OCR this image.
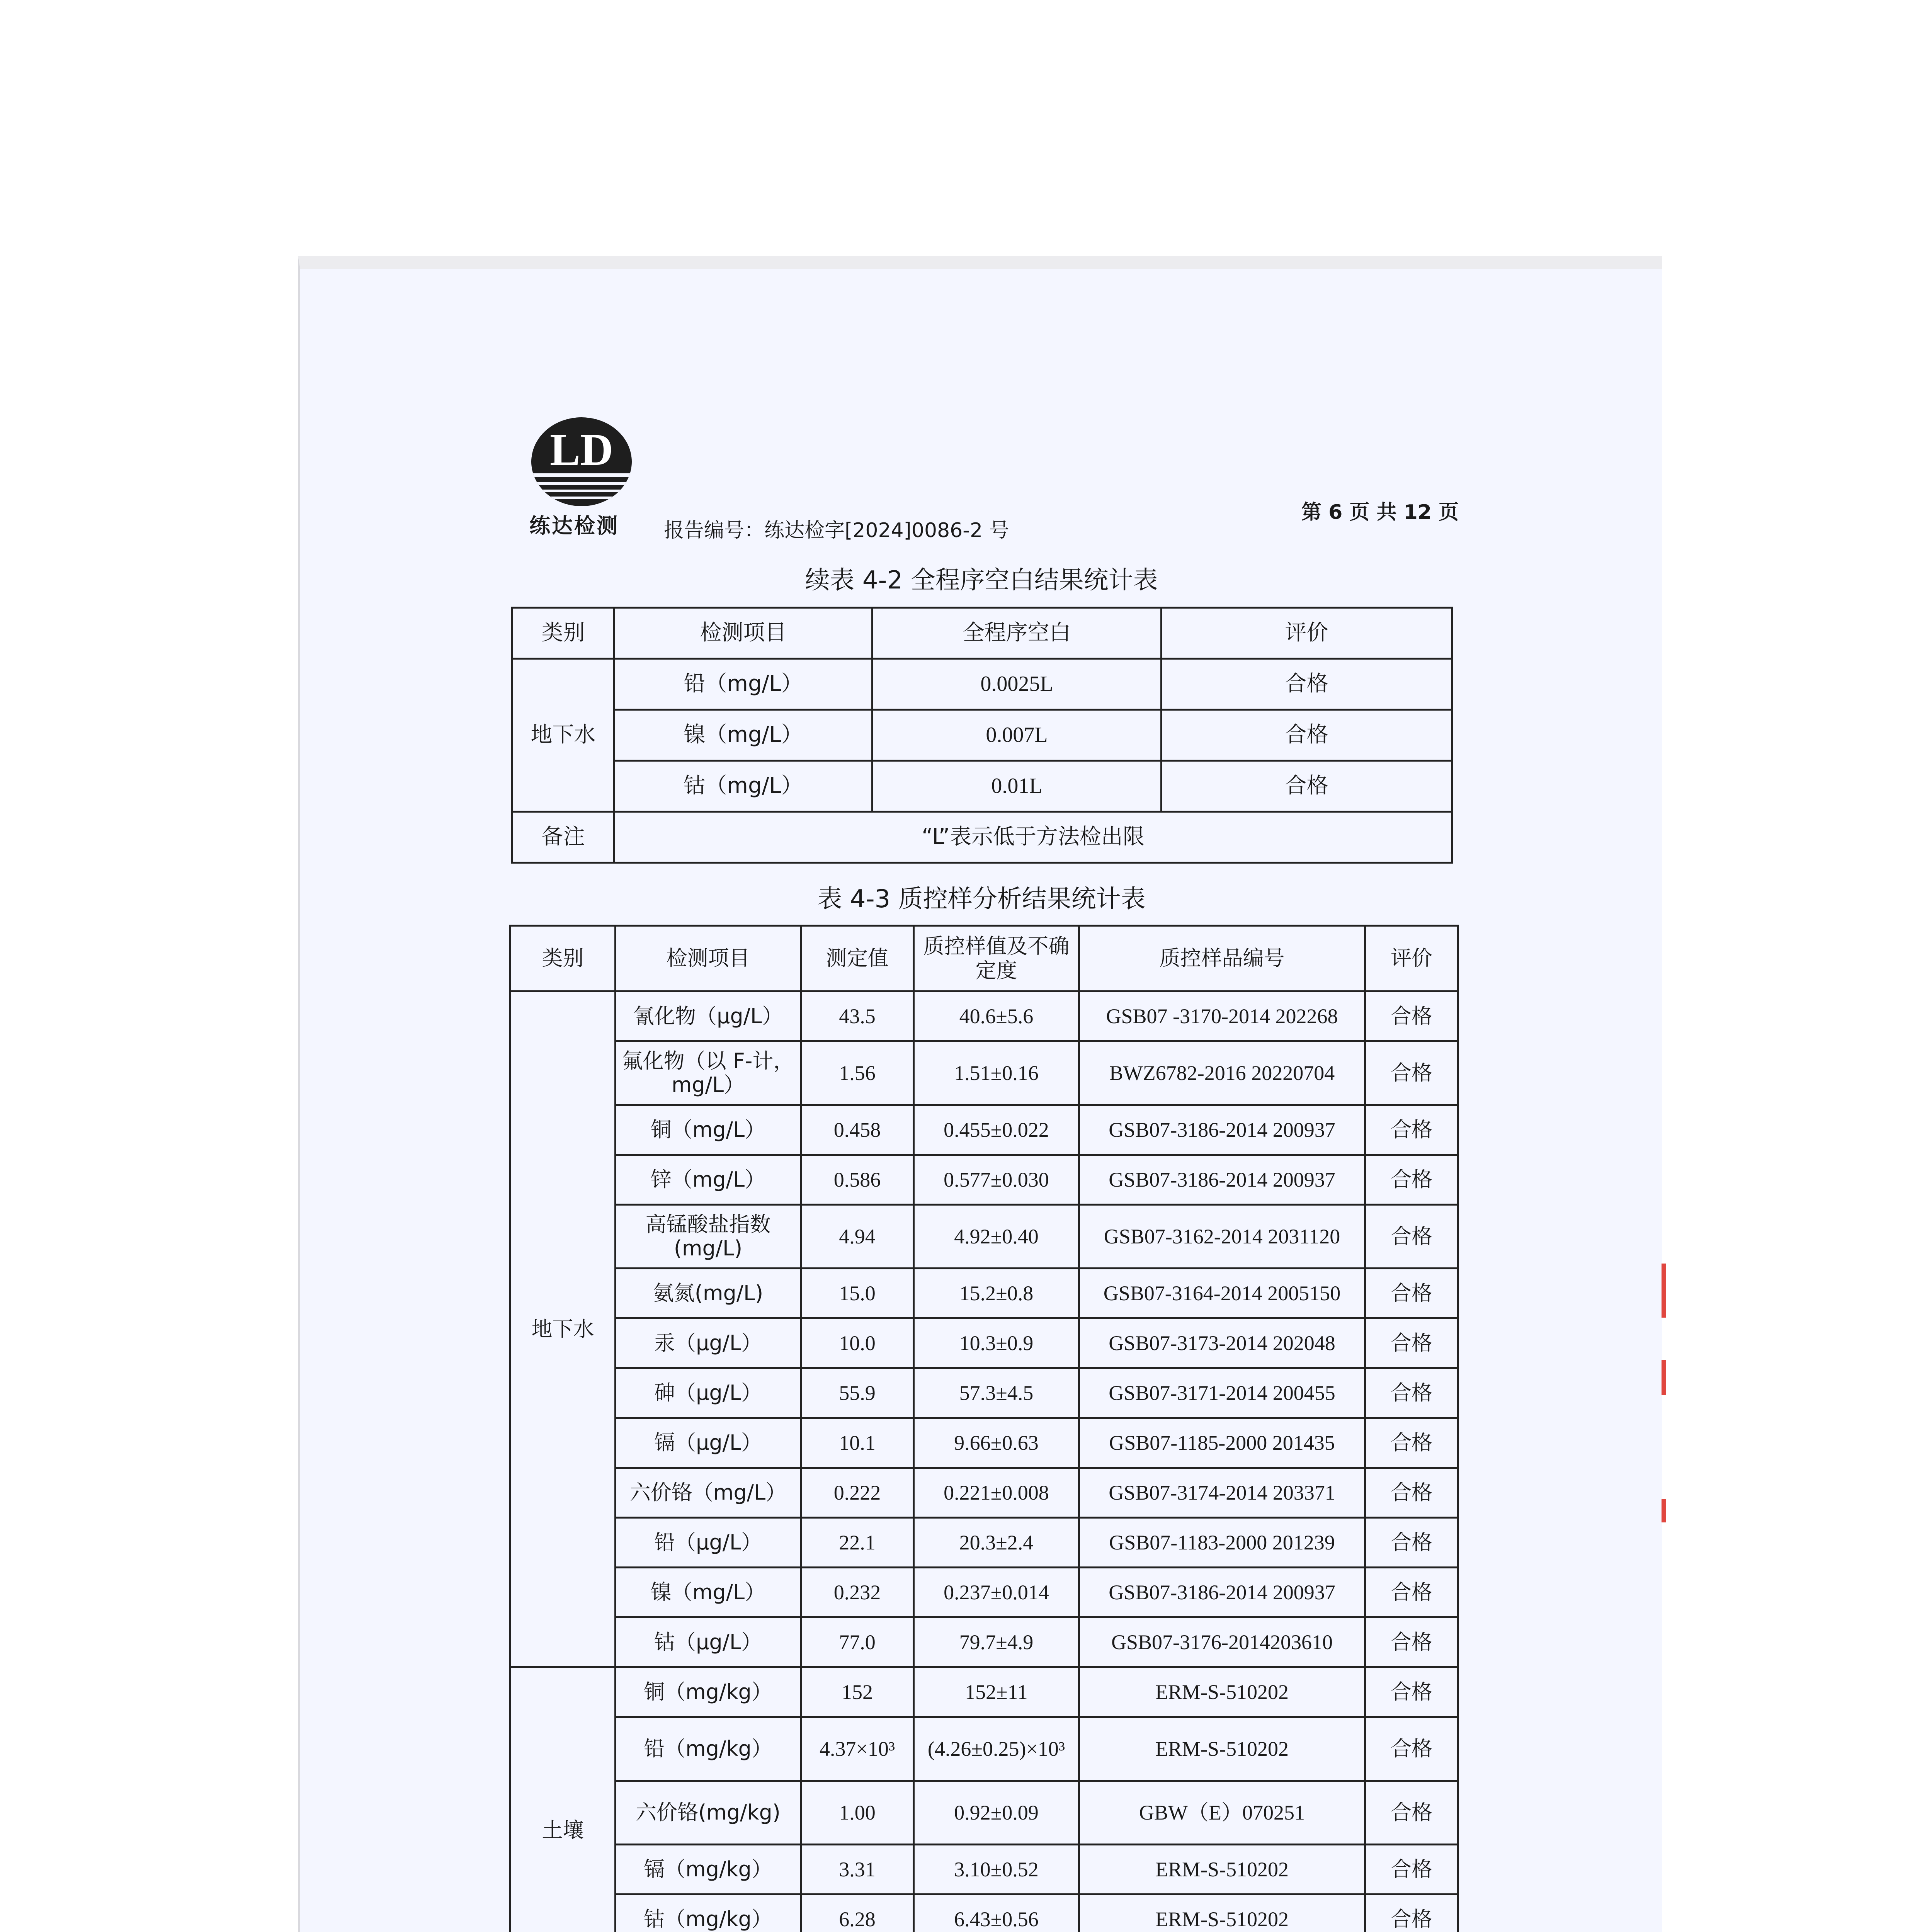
LD
练达检测	报告编号：练达检字[2024]0086-2 号
第 6 页 共 12 页
续表 4-2 全程序空白结果统计表
类别	检测项目	全程序空白	评价
地下水	铅（mg/L）	0.0025L	合格
	镍（mg/L）	0.007L	合格
	钴（mg/L）	0.01L	合格
备注	“L”表示低于方法检出限		
表 4-3 质控样分析结果统计表
类别	检测项目	测定值	质控样值及不确定度	质控样品编号	评价
地下水	氰化物（μg/L）	43.5	40.6±5.6	GSB07 -3170-2014 202268	合格
	氟化物（以 F-计，mg/L）	1.56	1.51±0.16	BWZ6782-2016 20220704	合格
	铜（mg/L）	0.458	0.455±0.022	GSB07-3186-2014 200937	合格
	锌（mg/L）	0.586	0.577±0.030	GSB07-3186-2014 200937	合格
	高锰酸盐指数(mg/L)	4.94	4.92±0.40	GSB07-3162-2014 2031120	合格
	氨氮(mg/L)	15.0	15.2±0.8	GSB07-3164-2014 2005150	合格
	汞（μg/L）	10.0	10.3±0.9	GSB07-3173-2014 202048	合格
	砷（μg/L）	55.9	57.3±4.5	GSB07-3171-2014 200455	合格
	镉（μg/L）	10.1	9.66±0.63	GSB07-1185-2000 201435	合格
	六价铬（mg/L）	0.222	0.221±0.008	GSB07-3174-2014 203371	合格
	铅（μg/L）	22.1	20.3±2.4	GSB07-1183-2000 201239	合格
	镍（mg/L）	0.232	0.237±0.014	GSB07-3186-2014 200937	合格
	钴（μg/L）	77.0	79.7±4.9	GSB07-3176-2014203610	合格
土壤	铜（mg/kg）	152	152±11	ERM-S-510202	合格
	铅（mg/kg）	4.37×10³	(4.26±0.25)×10³	ERM-S-510202	合格
	六价铬(mg/kg)	1.00	0.92±0.09	GBW（E）070251	合格
	镉（mg/kg）	3.31	3.10±0.52	ERM-S-510202	合格
	钴（mg/kg）	6.28	6.43±0.56	ERM-S-510202	合格
